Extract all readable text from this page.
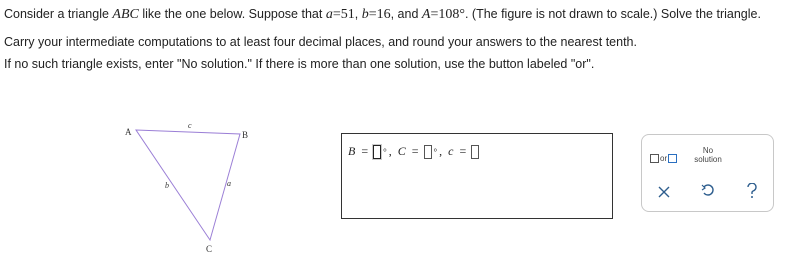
Consider a triangle ABC like the one below. Suppose that a=51, b=16, and A=108°. (The figure is not drawn to scale.) Solve the triangle.
Carry your intermediate computations to at least four decimal places, and round your answers to the nearest tenth.
If no such triangle exists, enter "No solution." If there is more than one solution, use the button labeled "or".
A	B
C
c
b	a
B = ° , C = ° , c =	or
No
solution
